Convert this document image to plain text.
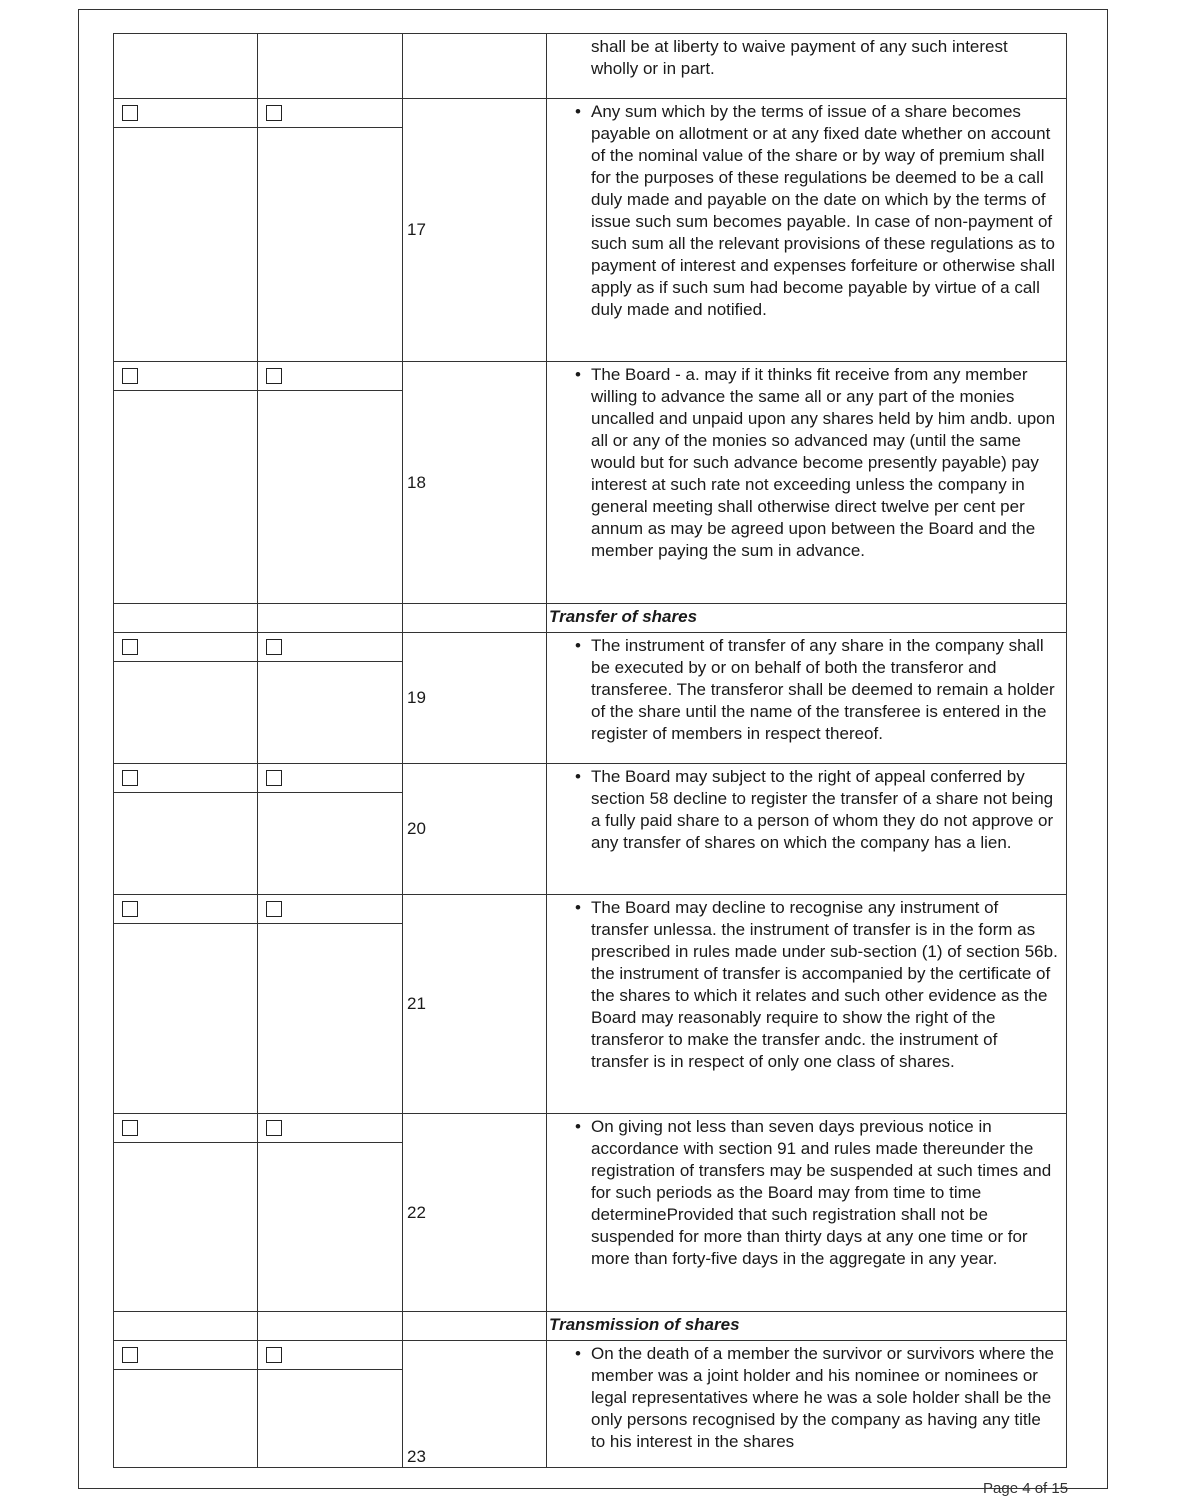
			shall be at liberty to waive payment of any such interest wholly or in part.

	17	• Any sum which by the terms of issue of a share becomes payable on allotment or at any fixed date whether on account of the nominal value of the share or by way of premium shall for the purposes of these regulations be deemed to be a call duly made and payable on the date on which by the terms of issue such sum becomes payable. In case of non-payment of such sum all the relevant provisions of these regulations as to payment of interest and expenses forfeiture or otherwise shall apply as if such sum had become payable by virtue of a call duly made and notified.

	18	• The Board - a. may if it thinks fit receive from any member willing to advance the same all or any part of the monies uncalled and unpaid upon any shares held by him andb. upon all or any of the monies so advanced may (until the same would but for such advance become presently payable) pay interest at such rate not exceeding unless the company in general meeting shall otherwise direct twelve per cent per annum as may be agreed upon between the Board and the member paying the sum in advance.

			Transfer of shares

	19	• The instrument of transfer of any share in the company shall be executed by or on behalf of both the transferor and transferee. The transferor shall be deemed to remain a holder of the share until the name of the transferee is entered in the register of members in respect thereof.

	20	• The Board may subject to the right of appeal conferred by section 58 decline to register the transfer of a share not being a fully paid share to a person of whom they do not approve or any transfer of shares on which the company has a lien.

	21	• The Board may decline to recognise any instrument of transfer unlessa. the instrument of transfer is in the form as prescribed in rules made under sub-section (1) of section 56b. the instrument of transfer is accompanied by the certificate of the shares to which it relates and such other evidence as the Board may reasonably require to show the right of the transferor to make the transfer andc. the instrument of transfer is in respect of only one class of shares.

	22	• On giving not less than seven days previous notice in accordance with section 91 and rules made thereunder the registration of transfers may be suspended at such times and for such periods as the Board may from time to time determineProvided that such registration shall not be suspended for more than thirty days at any one time or for more than forty-five days in the aggregate in any year.

			Transmission of shares

	23	• On the death of a member the survivor or survivors where the member was a joint holder and his nominee or nominees or legal representatives where he was a sole holder shall be the only persons recognised by the company as having any title to his interest in the shares
Page 4 of 15
